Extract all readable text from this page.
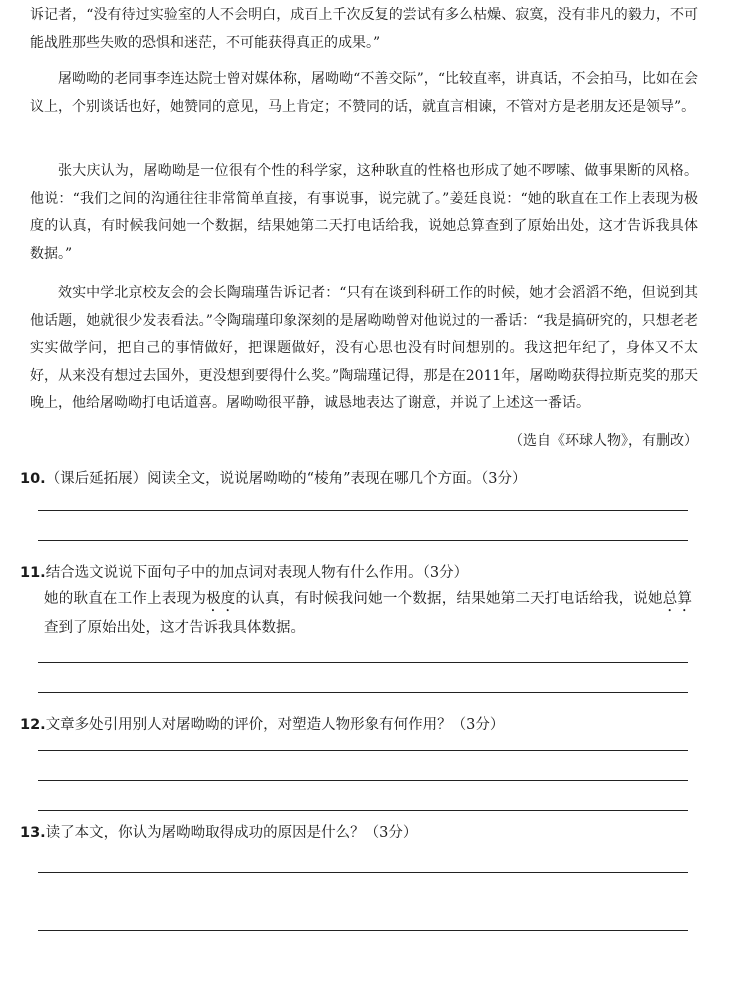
诉记者，“没有待过实验室的人不会明白，成百上千次反复的尝试有多么枯燥、寂寞，没有非凡的毅力，不可能战胜那些失败的恐惧和迷茫，不可能获得真正的成果。”

屠呦呦的老同事李连达院士曾对媒体称，屠呦呦“不善交际”，“比较直率，讲真话，不会拍马，比如在会议上，个别谈话也好，她赞同的意见，马上肯定；不赞同的话，就直言相谏，不管对方是老朋友还是领导”。

张大庆认为，屠呦呦是一位很有个性的科学家，这种耿直的性格也形成了她不啰嗦、做事果断的风格。他说：“我们之间的沟通往往非常简单直接，有事说事，说完就了。”姜廷良说：“她的耿直在工作上表现为极度的认真，有时候我问她一个数据，结果她第二天打电话给我，说她总算查到了原始出处，这才告诉我具体数据。”

效实中学北京校友会的会长陶瑞瑾告诉记者：“只有在谈到科研工作的时候，她才会滔滔不绝，但说到其他话题，她就很少发表看法。”令陶瑞瑾印象深刻的是屠呦呦曾对他说过的一番话：“我是搞研究的，只想老老实实做学问，把自己的事情做好，把课题做好，没有心思也没有时间想别的。我这把年纪了，身体又不太好，从来没有想过去国外，更没想到要得什么奖。”陶瑞瑾记得，那是在2011年，屠呦呦获得拉斯克奖的那天晚上，他给屠呦呦打电话道喜。屠呦呦很平静，诚恳地表达了谢意，并说了上述这一番话。
（选自《环球人物》，有删改）

10.（课后延拓展）阅读全文，说说屠呦呦的“棱角”表现在哪几个方面。（3分）

11.结合选文说说下面句子中的加点词对表现人物有什么作用。（3分）

她的耿直在工作上表现为极度的认真，有时候我问她一个数据，结果她第二天打电话给我，说她总算查到了原始出处，这才告诉我具体数据。

12.文章多处引用别人对屠呦呦的评价，对塑造人物形象有何作用？（3分）

13.读了本文，你认为屠呦呦取得成功的原因是什么？（3分）
